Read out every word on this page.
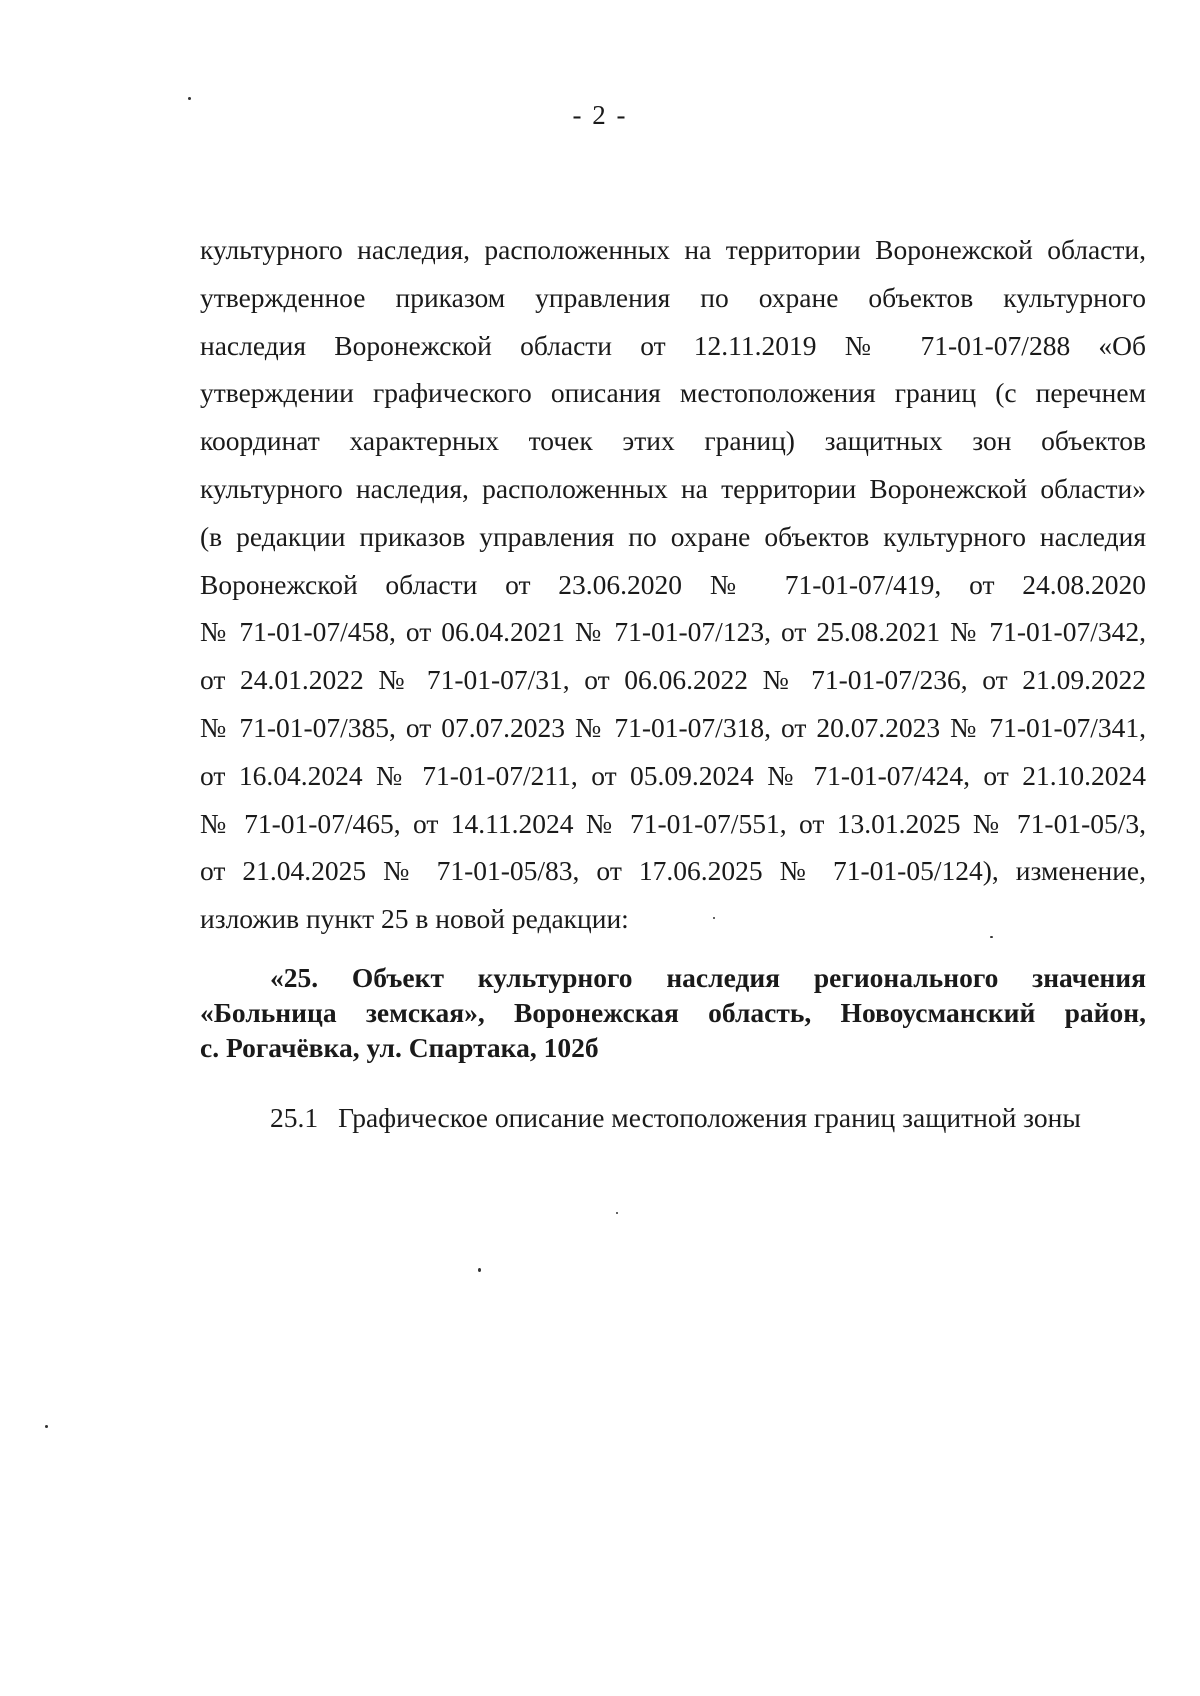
- 2 -
культурного наследия, расположенных на территории Воронежской области,
утвержденное приказом управления по охране объектов культурного
наследия Воронежской области от 12.11.2019 № 71-01-07/288 «Об
утверждении графического описания местоположения границ (с перечнем
координат характерных точек этих границ) защитных зон объектов
культурного наследия, расположенных на территории Воронежской области»
(в редакции приказов управления по охране объектов культурного наследия
Воронежской области от 23.06.2020 № 71-01-07/419, от 24.08.2020
№ 71-01-07/458, от 06.04.2021 № 71-01-07/123, от 25.08.2021 № 71-01-07/342,
от 24.01.2022 № 71-01-07/31, от 06.06.2022 № 71-01-07/236, от 21.09.2022
№ 71-01-07/385, от 07.07.2023 № 71-01-07/318, от 20.07.2023 № 71-01-07/341,
от 16.04.2024 № 71-01-07/211, от 05.09.2024 № 71-01-07/424, от 21.10.2024
№ 71-01-07/465, от 14.11.2024 № 71-01-07/551, от 13.01.2025 № 71-01-05/3,
от 21.04.2025 № 71-01-05/83, от 17.06.2025 № 71-01-05/124), изменение,
изложив пункт 25 в новой редакции:
«25. Объект культурного наследия регионального значения
«Больница земская», Воронежская область, Новоусманский район,
с. Рогачёвка, ул. Спартака, 102б
25.1 Графическое описание местоположения границ защитной зоны
